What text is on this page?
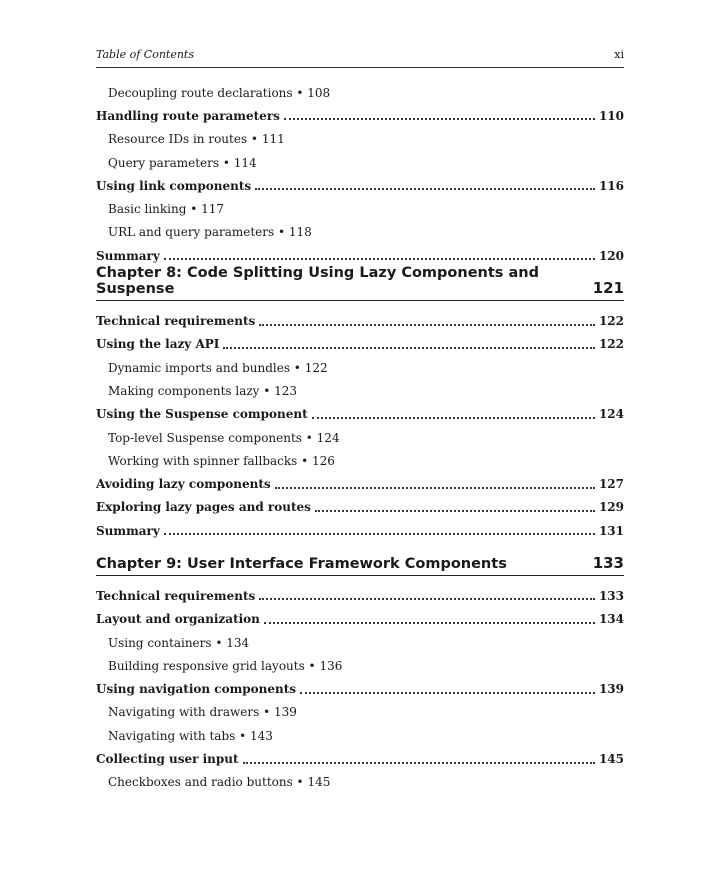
Table of Contents	xi
Decoupling route declarations • 108
Handling route parameters	110
Resource IDs in routes • 111
Query parameters • 114
Using link components	116
Basic linking • 117
URL and query parameters • 118
Summary	120
Chapter 8: Code Splitting Using Lazy Components and Suspense	121
Technical requirements	122
Using the lazy API	122
Dynamic imports and bundles • 122
Making components lazy • 123
Using the Suspense component	124
Top-level Suspense components • 124
Working with spinner fallbacks • 126
Avoiding lazy components	127
Exploring lazy pages and routes	129
Summary	131
Chapter 9: User Interface Framework Components	133
Technical requirements	133
Layout and organization	134
Using containers • 134
Building responsive grid layouts • 136
Using navigation components	139
Navigating with drawers • 139
Navigating with tabs • 143
Collecting user input	145
Checkboxes and radio buttons • 145
